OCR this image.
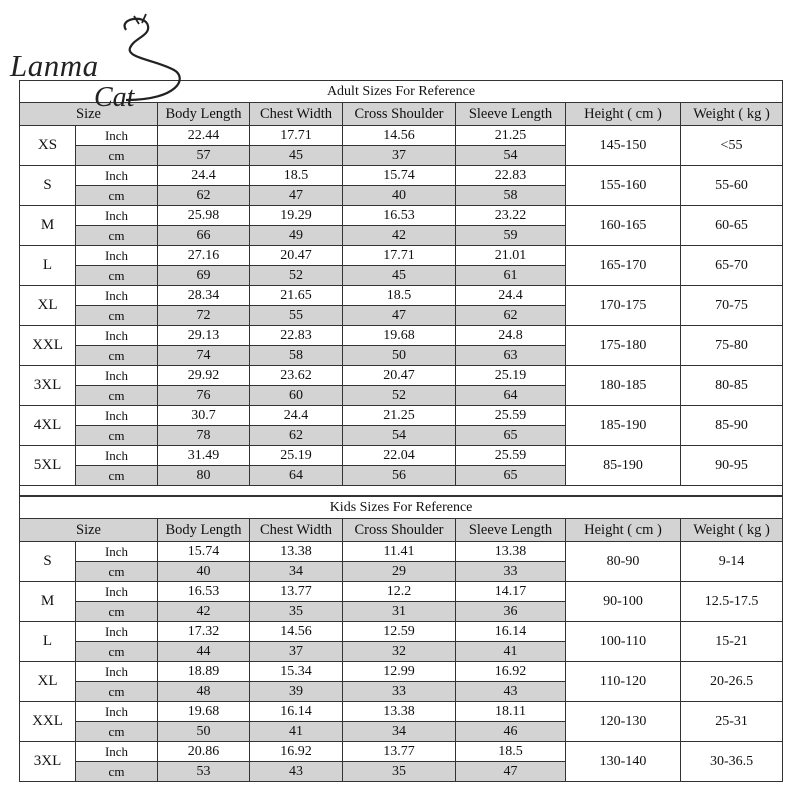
Lanma
Cat	Adult Sizes For Reference							
Size		Body Length	Chest Width	Cross Shoulder	Sleeve Length	Height ( cm )	Weight ( kg )
XS	Inch	22.44	17.71	14.56	21.25	145-150	<55
	cm	57	45	37	54		
S	Inch	24.4	18.5	15.74	22.83	155-160	55-60
	cm	62	47	40	58		
M	Inch	25.98	19.29	16.53	23.22	160-165	60-65
	cm	66	49	42	59		
L	Inch	27.16	20.47	17.71	21.01	165-170	65-70
	cm	69	52	45	61		
XL	Inch	28.34	21.65	18.5	24.4	170-175	70-75
	cm	72	55	47	62		
XXL	Inch	29.13	22.83	19.68	24.8	175-180	75-80
	cm	74	58	50	63		
3XL	Inch	29.92	23.62	20.47	25.19	180-185	80-85
	cm	76	60	52	64		
4XL	Inch	30.7	24.4	21.25	25.59	185-190	85-90
	cm	78	62	54	65		
5XL	Inch	31.49	25.19	22.04	25.59	85-190	90-95
	cm	80	64	56	65		

Kids Sizes For Reference							
Size		Body Length	Chest Width	Cross Shoulder	Sleeve Length	Height ( cm )	Weight ( kg )
S	Inch	15.74	13.38	11.41	13.38	80-90	9-14
	cm	40	34	29	33		
M	Inch	16.53	13.77	12.2	14.17	90-100	12.5-17.5
	cm	42	35	31	36		
L	Inch	17.32	14.56	12.59	16.14	100-110	15-21
	cm	44	37	32	41		
XL	Inch	18.89	15.34	12.99	16.92	110-120	20-26.5
	cm	48	39	33	43		
XXL	Inch	19.68	16.14	13.38	18.11	120-130	25-31
	cm	50	41	34	46		
3XL	Inch	20.86	16.92	13.77	18.5	130-140	30-36.5
	cm	53	43	35	47		
